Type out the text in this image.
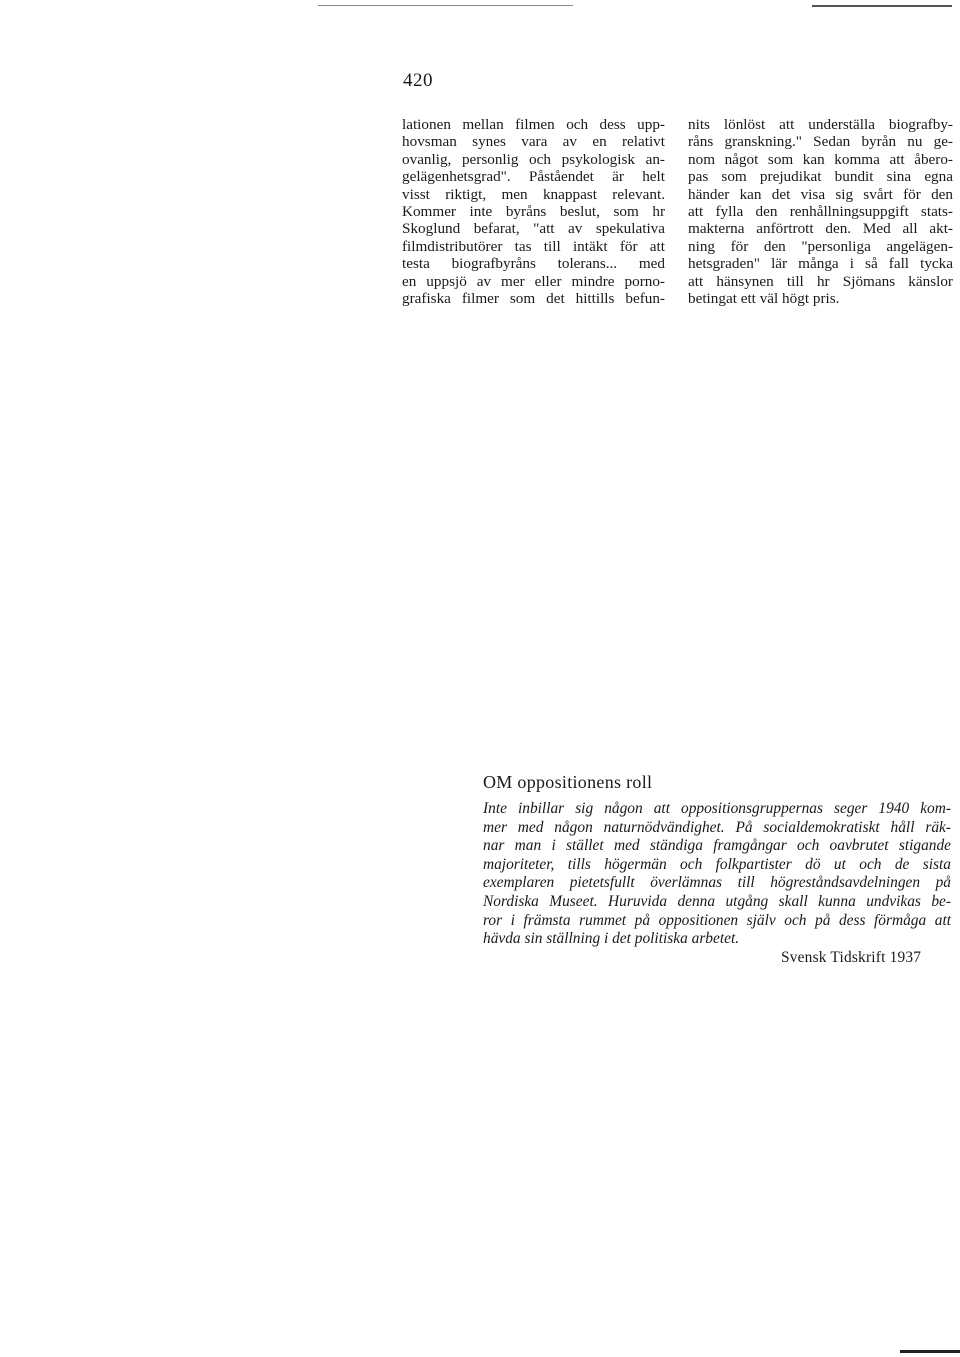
420
lationen mellan filmen och dess upp-
hovsman synes vara av en relativt
ovanlig, personlig och psykologisk an-
gelägenhetsgrad". Påståendet är helt
visst riktigt, men knappast relevant.
Kommer inte byråns beslut, som hr
Skoglund befarat, "att av spekulativa
filmdistributörer tas till intäkt för att
testa biografbyråns tolerans... med
en uppsjö av mer eller mindre porno-
grafiska filmer som det hittills befun-
nits lönlöst att underställa biografby-
råns granskning." Sedan byrån nu ge-
nom något som kan komma att åbero-
pas som prejudikat bundit sina egna
händer kan det visa sig svårt för den
att fylla den renhållningsuppgift stats-
makterna anförtrott den. Med all akt-
ning för den "personliga angelägen-
hetsgraden" lär många i så fall tycka
att hänsynen till hr Sjömans känslor
betingat ett väl högt pris.
OM oppositionens roll
Inte inbillar sig någon att oppositionsgruppernas seger 1940 kom-
mer med någon naturnödvändighet. På socialdemokratiskt håll räk-
nar man i stället med ständiga framgångar och oavbrutet stigande
majoriteter, tills högermän och folkpartister dö ut och de sista
exemplaren pietetsfullt överlämnas till högreståndsavdelningen på
Nordiska Museet. Huruvida denna utgång skall kunna undvikas be-
ror i främsta rummet på oppositionen själv och på dess förmåga att
hävda sin ställning i det politiska arbetet.
Svensk Tidskrift 1937
